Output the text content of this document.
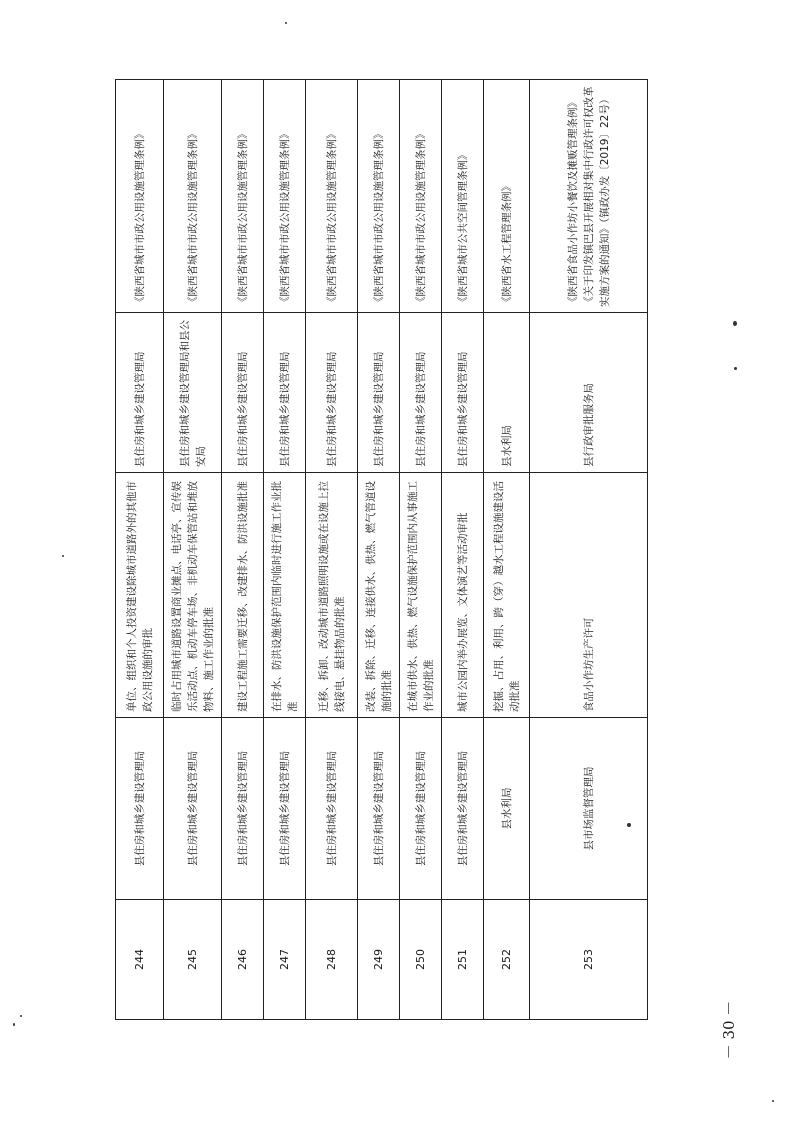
244	县住房和城乡建设管理局	单位、组织和个人投资建设除城市道路外的其他市政公用设施的审批	县住房和城乡建设管理局	《陕西省城市市政公用设施管理条例》

245	县住房和城乡建设管理局	临时占用城市道路设置商业摊点、电话亭、宣传娱乐活动点、机动车停车场、非机动车保管站和堆放物料、施工作业的批准	县住房和城乡建设管理局和县公安局	《陕西省城市市政公用设施管理条例》

246	县住房和城乡建设管理局	建设工程施工需要迁移、改建排水、防洪设施批准	县住房和城乡建设管理局	《陕西省城市市政公用设施管理条例》

247	县住房和城乡建设管理局	在排水、防洪设施保护范围内临时进行施工作业批准	县住房和城乡建设管理局	《陕西省城市市政公用设施管理条例》

248	县住房和城乡建设管理局	迁移、拆卸、改动城市道路照明设施或在设施上拉线接电、悬挂物品的批准	县住房和城乡建设管理局	《陕西省城市市政公用设施管理条例》

249	县住房和城乡建设管理局	改装、拆除、迁移、连接供水、供热、燃气管道设施的批准	县住房和城乡建设管理局	《陕西省城市市政公用设施管理条例》

250	县住房和城乡建设管理局	在城市供水、供热、燃气设施保护范围内从事施工作业的批准	县住房和城乡建设管理局	《陕西省城市市政公用设施管理条例》

251	县住房和城乡建设管理局	城市公园内举办展览、文体演艺等活动审批	县住房和城乡建设管理局	《陕西省城市公共空间管理条例》

252	县水利局	挖掘、占用、利用、跨（穿）越水工程设施建设活动批准	县水利局	《陕西省水工程管理条例》

253	县市场监督管理局	食品小作坊生产许可	县行政审批服务局	《陕西省食品小作坊小餐饮及摊贩管理条例》 《关于印发镇巴县开展相对集中行政许可权改革实施方案的通知》（镇政办发〔2019〕22号）
－ 30 －
